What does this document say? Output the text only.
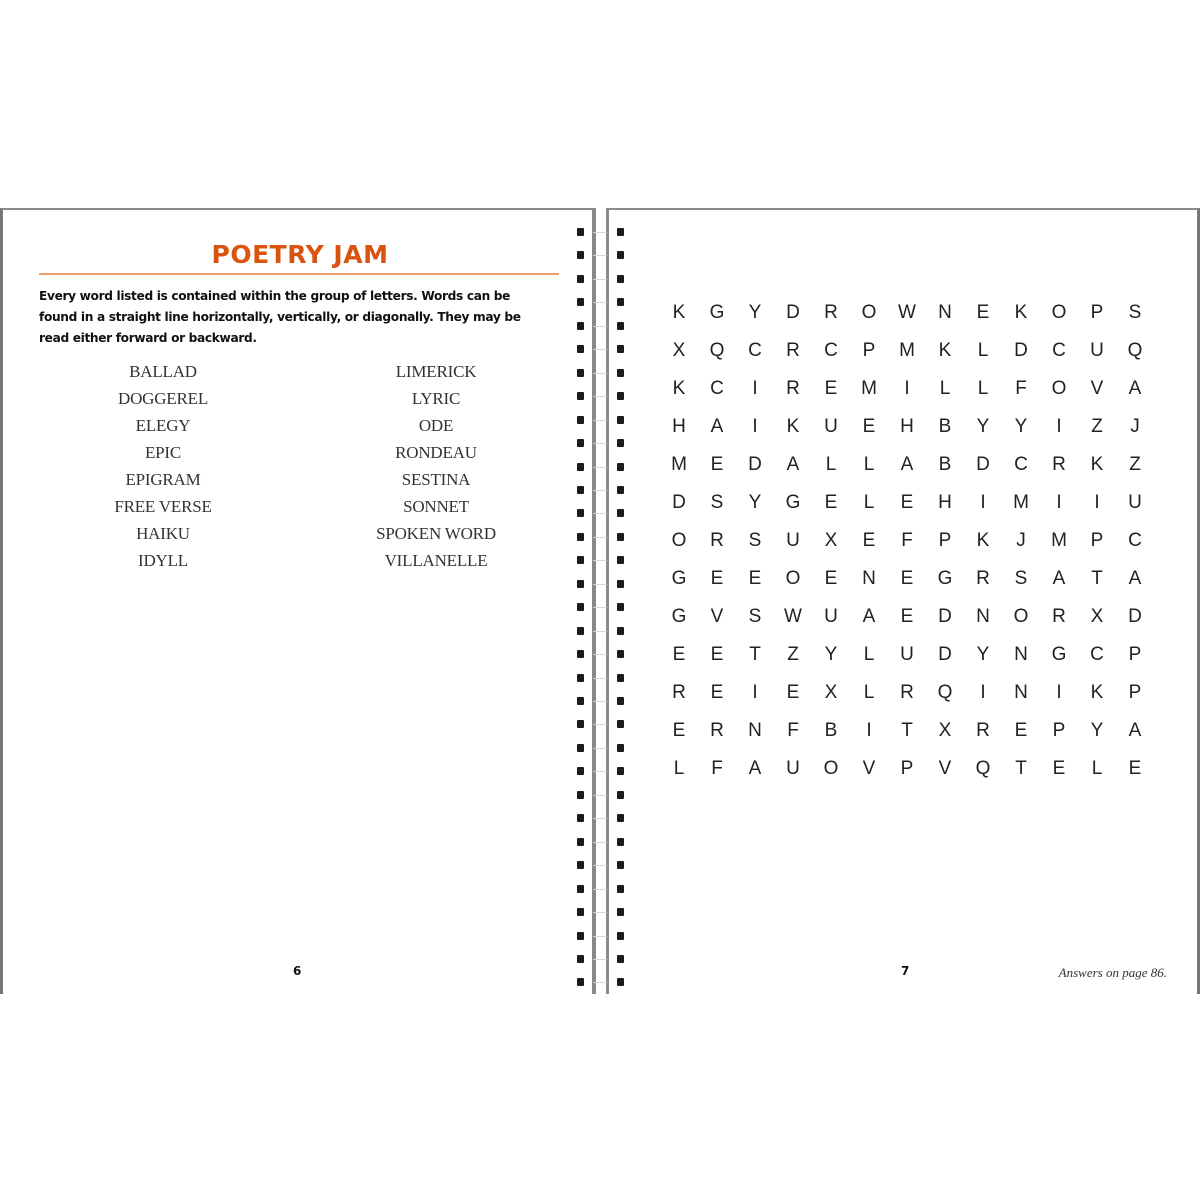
POETRY JAM
Every word listed is contained within the group of letters. Words can be found in a straight line horizontally, vertically, or diagonally. They may be read either forward or backward.
BALLAD
DOGGEREL
ELEGY
EPIC
EPIGRAM
FREE VERSE
HAIKU
IDYLL
LIMERICK
LYRIC
ODE
RONDEAU
SESTINA
SONNET
SPOKEN WORD
VILLANELLE
6
K	G	Y	D	R	O	W	N	E	K	O	P	S
X	Q	C	R	C	P	M	K	L	D	C	U	Q
K	C	I	R	E	M	I	L	L	F	O	V	A
H	A	I	K	U	E	H	B	Y	Y	I	Z	J
M	E	D	A	L	L	A	B	D	C	R	K	Z
D	S	Y	G	E	L	E	H	I	M	I	I	U
O	R	S	U	X	E	F	P	K	J	M	P	C
G	E	E	O	E	N	E	G	R	S	A	T	A
G	V	S	W	U	A	E	D	N	O	R	X	D
E	E	T	Z	Y	L	U	D	Y	N	G	C	P
R	E	I	E	X	L	R	Q	I	N	I	K	P
E	R	N	F	B	I	T	X	R	E	P	Y	A
L	F	A	U	O	V	P	V	Q	T	E	L	E
7	Answers on page 86.
